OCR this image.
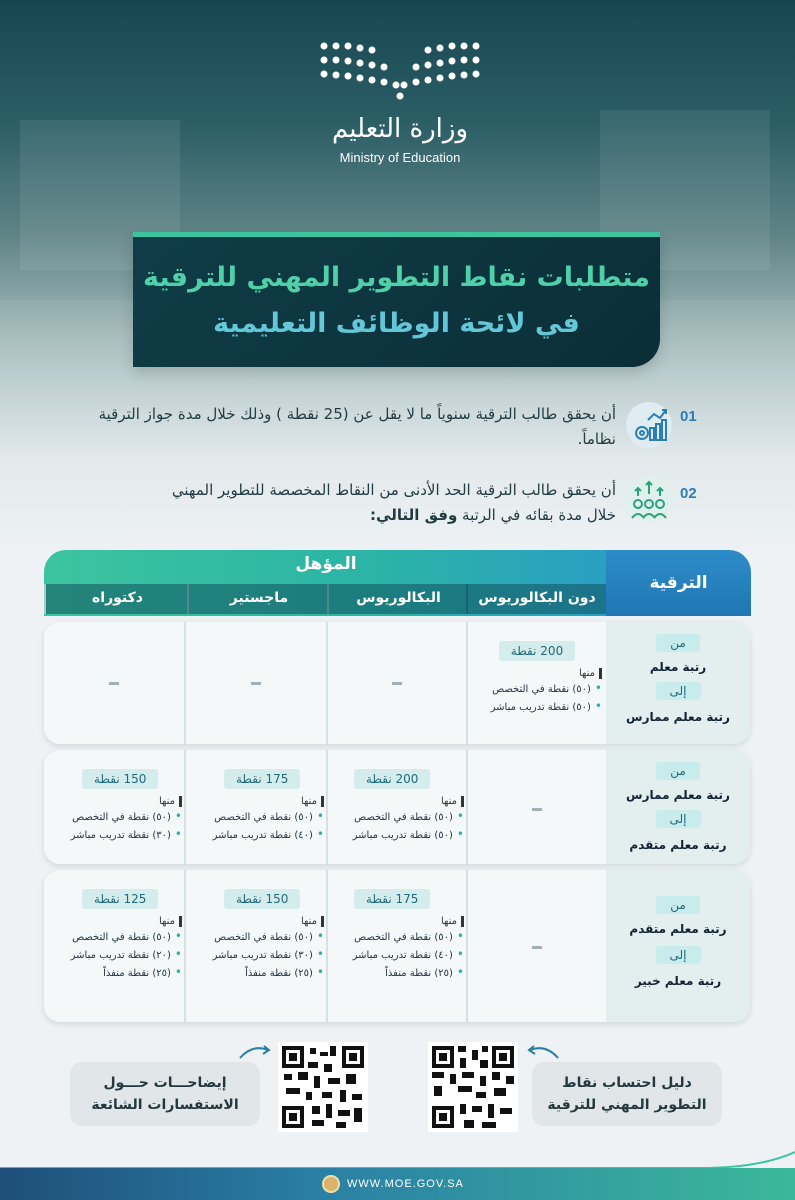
وزارة التعليم
Ministry of Education
متطلبات نقاط التطوير المهني للترقية
في لائحة الوظائف التعليمية
01
أن يحقق طالب الترقية سنوياً ما لا يقل عن (25 نقطة ) وذلك خلال مدة جواز الترقية نظاماً.
02
أن يحقق طالب الترقية الحد الأدنى من النقاط المخصصة للتطوير المهني
خلال مدة بقائه في الرتبة وفق التالي:
المؤهل
دون البكالوريوس
البكالوريوس
ماجستير
دكتوراه
الترقية
من
رتبة معلم
إلى
رتبة معلم ممارس
200 نقطة
منها
• (٥٠) نقطة في التخصص
• (٥٠) نقطة تدريب مباشر
من
رتبة معلم ممارس
إلى
رتبة معلم متقدم
200 نقطة
منها
• (٥٠) نقطة في التخصص
• (٥٠) نقطة تدريب مباشر
175 نقطة
منها
• (٥٠) نقطة في التخصص
• (٤٠) نقطة تدريب مباشر
150 نقطة
منها
• (٥٠) نقطة في التخصص
• (٣٠) نقطة تدريب مباشر
من
رتبة معلم متقدم
إلى
رتبة معلم خبير
175 نقطة
منها
• (٥٠) نقطة في التخصص
• (٤٠) نقطة تدريب مباشر
• (٢٥) نقطة منفذاً
150 نقطة
منها
• (٥٠) نقطة في التخصص
• (٣٠) نقطة تدريب مباشر
• (٢٥) نقطة منفذاً
125 نقطة
منها
• (٥٠) نقطة في التخصص
• (٢٠) نقطة تدريب مباشر
• (٢٥) نقطة منفذاً
إيضاحـــات حـــول
الاستفسارات الشائعة
دليل احتساب نقاط
التطوير المهني للترقية
WWW.MOE.GOV.SA
